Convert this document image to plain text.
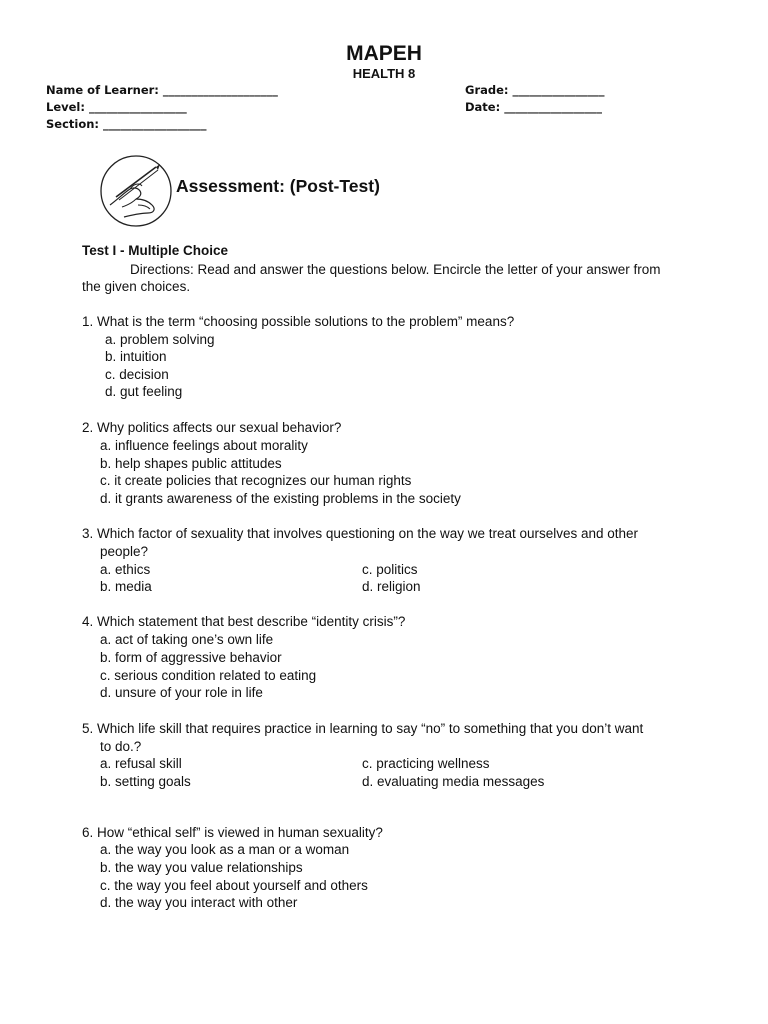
MAPEH
HEALTH 8
Name of Learner: ____________________
Level: _________________
Section: __________________
Grade: ________________
Date: _________________
Assessment: (Post-Test)
Test I - Multiple Choice
Directions: Read and answer the questions below. Encircle the letter of your answer from
the given choices.
1. What is the term “choosing possible solutions to the problem” means?
a. problem solving
b. intuition
c. decision
d. gut feeling
2. Why politics affects our sexual behavior?
a. influence feelings about morality
b. help shapes public attitudes
c. it create policies that recognizes our human rights
d. it grants awareness of the existing problems in the society
3. Which factor of sexuality that involves questioning on the way we treat ourselves and other
people?
a. ethics	c. politics
b. media	d. religion
4. Which statement that best describe “identity crisis”?
a. act of taking one’s own life
b. form of aggressive behavior
c. serious condition related to eating
d. unsure of your role in life
5. Which life skill that requires practice in learning to say “no” to something that you don’t want
to do.?
a. refusal skill	c. practicing wellness
b. setting goals	d. evaluating media messages
6. How “ethical self” is viewed in human sexuality?
a. the way you look as a man or a woman
b. the way you value relationships
c. the way you feel about yourself and others
d. the way you interact with other
